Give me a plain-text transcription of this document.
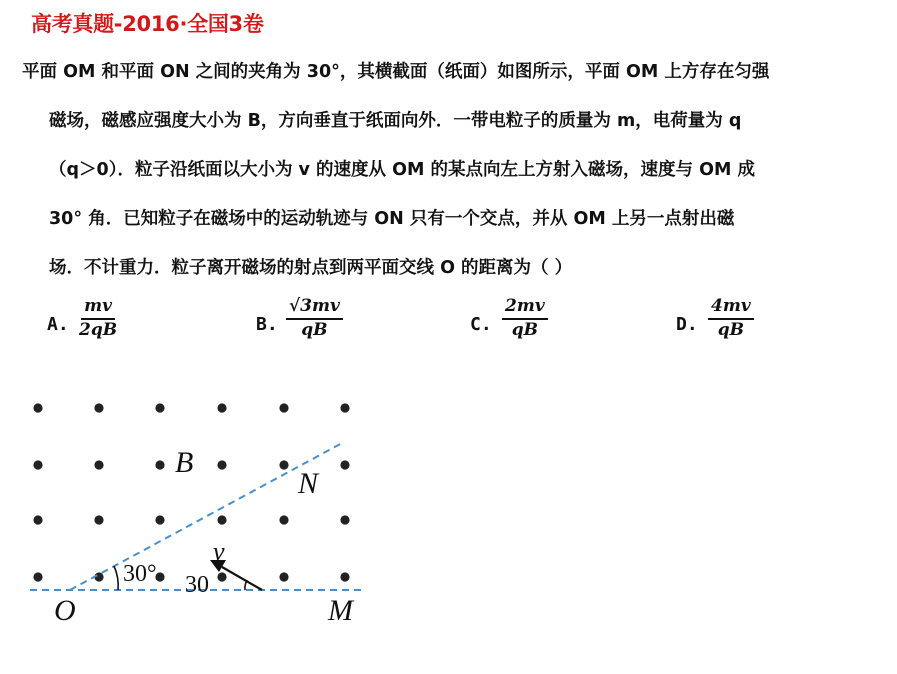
高考真题-2016·全国3卷
平面 OM 和平面 ON 之间的夹角为 30°，其横截面（纸面）如图所示，平面 OM 上方存在匀强
磁场，磁感应强度大小为 B，方向垂直于纸面向外．一带电粒子的质量为 m，电荷量为 q
（q＞0）．粒子沿纸面以大小为 v 的速度从 OM 的某点向左上方射入磁场，速度与 OM 成
30° 角．已知粒子在磁场中的运动轨迹与 ON 只有一个交点，并从 OM 上另一点射出磁
场．不计重力．粒子离开磁场的射点到两平面交线 O 的距离为（ ）
A. $\frac{mv}{2qB}$	B. $\frac{√3mv}{qB}$	C. $\frac{2mv}{qB}$	D. $\frac{4mv}{qB}$
B
v
N
M
O
30° 30
